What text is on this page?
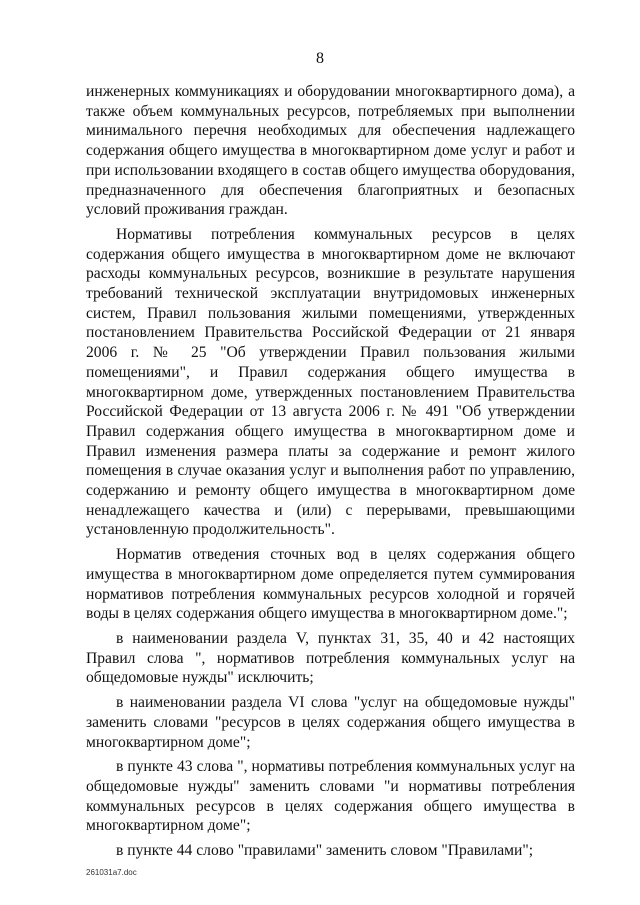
8

инженерных коммуникациях и оборудовании многоквартирного дома), а также объем коммунальных ресурсов, потребляемых при выполнении минимального перечня необходимых для обеспечения надлежащего содержания общего имущества в многоквартирном доме услуг и работ и при использовании входящего в состав общего имущества оборудования, предназначенного для обеспечения благоприятных и безопасных условий проживания граждан.

Нормативы потребления коммунальных ресурсов в целях содержания общего имущества в многоквартирном доме не включают расходы коммунальных ресурсов, возникшие в результате нарушения требований технической эксплуатации внутридомовых инженерных систем, Правил пользования жилыми помещениями, утвержденных постановлением Правительства Российской Федерации от 21 января 2006 г. № 25 "Об утверждении Правил пользования жилыми помещениями", и Правил содержания общего имущества в многоквартирном доме, утвержденных постановлением Правительства Российской Федерации от 13 августа 2006 г. № 491 "Об утверждении Правил содержания общего имущества в многоквартирном доме и Правил изменения размера платы за содержание и ремонт жилого помещения в случае оказания услуг и выполнения работ по управлению, содержанию и ремонту общего имущества в многоквартирном доме ненадлежащего качества и (или) с перерывами, превышающими установленную продолжительность".

Норматив отведения сточных вод в целях содержания общего имущества в многоквартирном доме определяется путем суммирования нормативов потребления коммунальных ресурсов холодной и горячей воды в целях содержания общего имущества в многоквартирном доме.";

в наименовании раздела V, пунктах 31, 35, 40 и 42 настоящих Правил слова ", нормативов потребления коммунальных услуг на общедомовые нужды" исключить;

в наименовании раздела VI слова "услуг на общедомовые нужды" заменить словами "ресурсов в целях содержания общего имущества в многоквартирном доме";

в пункте 43 слова ", нормативы потребления коммунальных услуг на общедомовые нужды" заменить словами "и нормативы потребления коммунальных ресурсов в целях содержания общего имущества в многоквартирном доме";

в пункте 44 слово "правилами" заменить словом "Правилами";

261031a7.doc
